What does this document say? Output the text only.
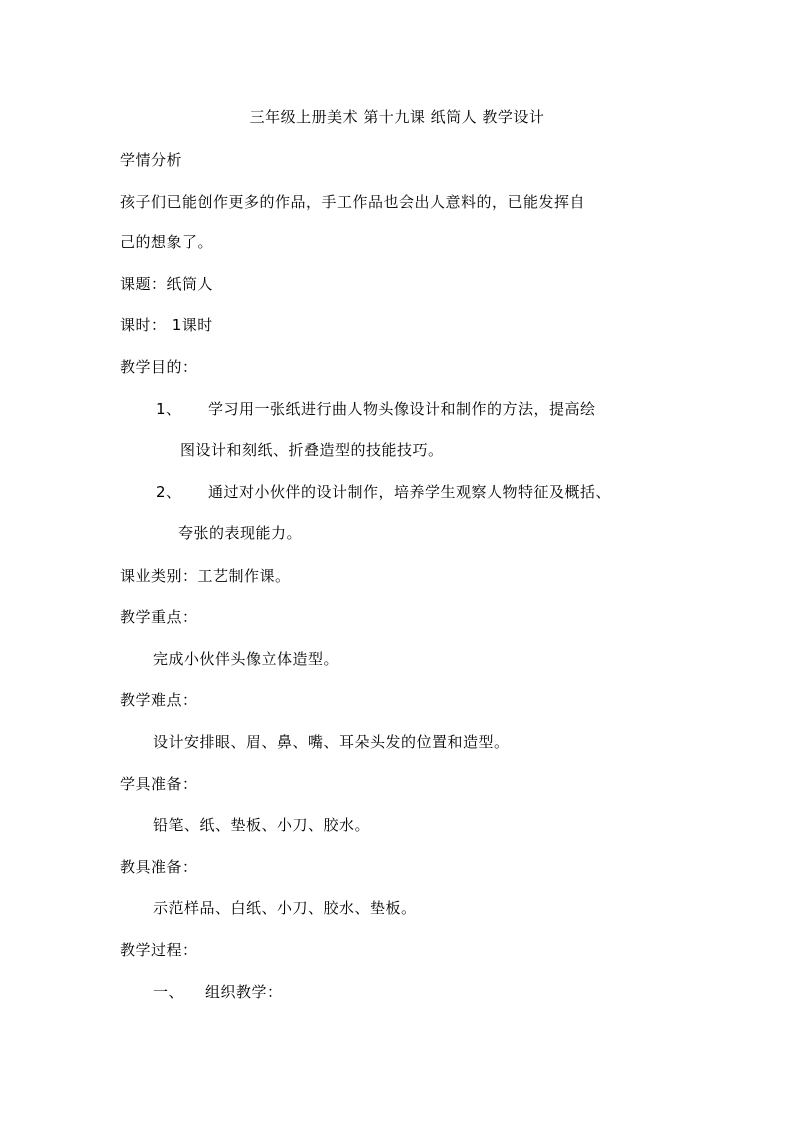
三年级上册美术 第十九课 纸筒人 教学设计
学情分析
孩子们已能创作更多的作品，手工作品也会出人意料的，已能发挥自
己的想象了。
课题：纸筒人
课时： 1课时
教学目的：
1、 学习用一张纸进行曲人物头像设计和制作的方法，提高绘
图设计和刻纸、折叠造型的技能技巧。
2、 通过对小伙伴的设计制作，培养学生观察人物特征及概括、
夸张的表现能力。
课业类别：工艺制作课。
教学重点：
完成小伙伴头像立体造型。
教学难点：
设计安排眼、眉、鼻、嘴、耳朵头发的位置和造型。
学具准备：
铅笔、纸、垫板、小刀、胶水。
教具准备：
示范样品、白纸、小刀、胶水、垫板。
教学过程：
一、 组织教学：
